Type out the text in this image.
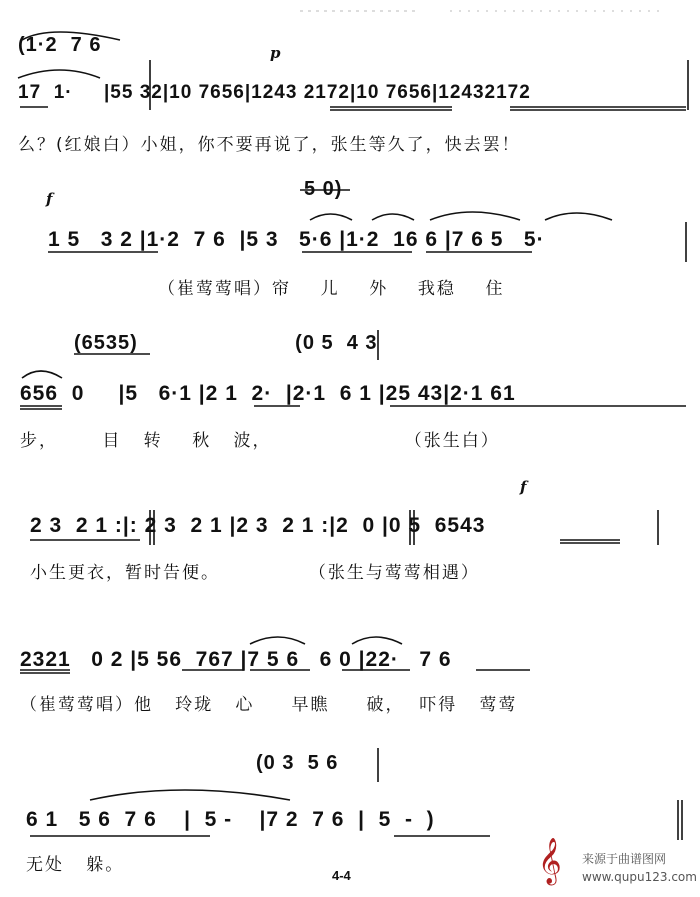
(1·2  7 6	p
17  1·     |55 32|10 7656|1243 2172|10 7656|12432172
么？(红娘白）小姐，你不要再说了，张生等久了，快去罢！
f	5 0)
1 5   3 2 |1·2  7 6  |5 3   5·6 |1·2  16 6 |7 6 5   5·
（崔莺莺唱）帘    儿    外    我稳    住
(6535)                        (0 5  4 3
656  0     |5   6·1 |2 1  2·  |2·1  6 1 |25 43|2·1 61
步，      目   转    秋   波，                  （张生白）
f
2 3  2 1 :|: 2 3  2 1 |2 3  2 1 :|2  0 |0 5  6543
小生更衣，暂时告便。            （张生与莺莺相遇）
2321   0 2 |5 56  767 |7 5 6   6 0 |22·   7 6
（崔莺莺唱）他   玲珑   心     早瞧     破，  吓得   莺莺
(0 3  5 6
6 1   5 6  7 6    |  5 -    |7 2  7 6  |  5  -  )
无处   躲。
4-4	𝄞 来源于曲谱图网
www.qupu123.com
